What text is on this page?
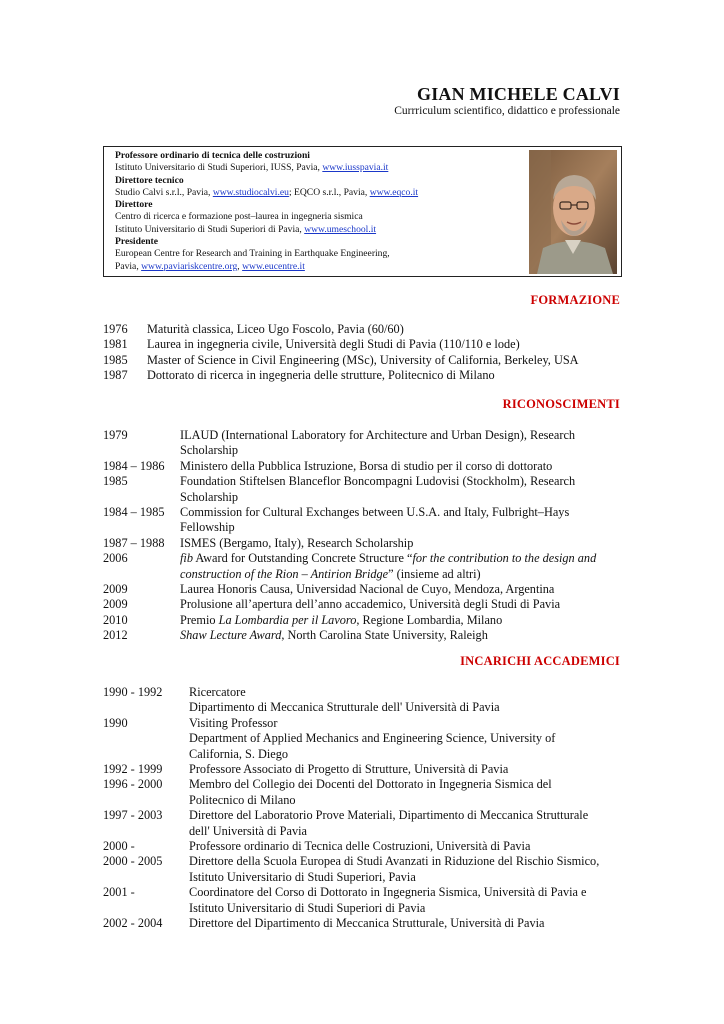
GIAN MICHELE CALVI
Currriculum scientifico, didattico e professionale
Professore ordinario di tecnica delle costruzioni
Istituto Universitario di Studi Superiori, IUSS, Pavia, www.iusspavia.it
Direttore tecnico
Studio Calvi s.r.l., Pavia, www.studiocalvi.eu; EQCO s.r.l., Pavia, www.eqco.it
Direttore
Centro di ricerca e formazione post–laurea in ingegneria sismica
Istituto Universitario di Studi Superiori di Pavia, www.umeschool.it
Presidente
European Centre for Research and Training in Earthquake Engineering,
Pavia, www.paviariskcentre.org, www.eucentre.it
FORMAZIONE
1976	Maturità classica, Liceo Ugo Foscolo, Pavia (60/60)
1981	Laurea in ingegneria civile, Università degli Studi di Pavia (110/110 e lode)
1985	Master of Science in Civil Engineering (MSc), University of California, Berkeley, USA
1987	Dottorato di ricerca in ingegneria delle strutture, Politecnico di Milano
RICONOSCIMENTI
1979	ILAUD (International Laboratory for Architecture and Urban Design), Research
Scholarship
1984 – 1986	Ministero della Pubblica Istruzione, Borsa di studio per il corso di dottorato
1985	Foundation Stiftelsen Blanceflor Boncompagni Ludovisi (Stockholm), Research
Scholarship
1984 – 1985	Commission for Cultural Exchanges between U.S.A. and Italy, Fulbright–Hays
Fellowship
1987 – 1988	ISMES (Bergamo, Italy), Research Scholarship
2006	fib Award for Outstanding Concrete Structure “for the contribution to the design and
construction of the Rion – Antirion Bridge” (insieme ad altri)
2009	Laurea Honoris Causa, Universidad Nacional de Cuyo, Mendoza, Argentina
2009	Prolusione all’apertura dell’anno accademico, Università degli Studi di Pavia
2010	Premio La Lombardia per il Lavoro, Regione Lombardia, Milano
2012	Shaw Lecture Award, North Carolina State University, Raleigh
INCARICHI ACCADEMICI
1990 - 1992	Ricercatore
Dipartimento di Meccanica Strutturale dell' Università di Pavia
1990	Visiting Professor
Department of Applied Mechanics and Engineering Science, University of
California, S. Diego
1992 - 1999	Professore Associato di Progetto di Strutture, Università di Pavia
1996 - 2000	Membro del Collegio dei Docenti del Dottorato in Ingegneria Sismica del
Politecnico di Milano
1997 - 2003	Direttore del Laboratorio Prove Materiali, Dipartimento di Meccanica Strutturale
dell' Università di Pavia
2000 -	Professore ordinario di Tecnica delle Costruzioni, Università di Pavia
2000 - 2005	Direttore della Scuola Europea di Studi Avanzati in Riduzione del Rischio Sismico,
Istituto Universitario di Studi Superiori, Pavia
2001 -	Coordinatore del Corso di Dottorato in Ingegneria Sismica, Università di Pavia e
Istituto Universitario di Studi Superiori di Pavia
2002 - 2004	Direttore del Dipartimento di Meccanica Strutturale, Università di Pavia
